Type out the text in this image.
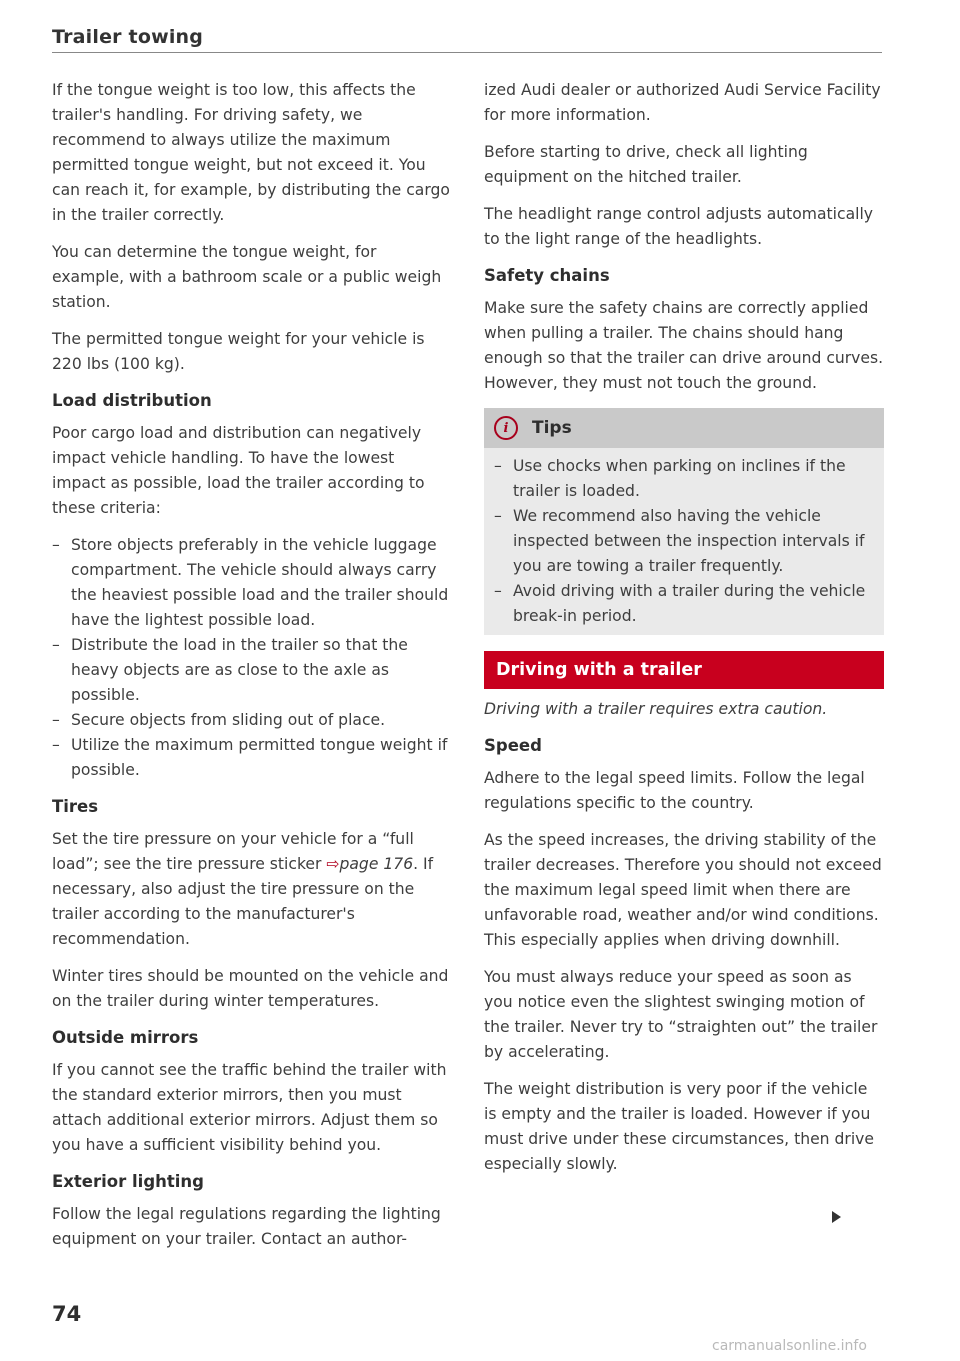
Trailer towing

If the tongue weight is too low, this affects the trailer's handling. For driving safety, we recommend to always utilize the maximum permitted tongue weight, but not exceed it. You can reach it, for example, by distributing the cargo in the trailer correctly.

You can determine the tongue weight, for example, with a bathroom scale or a public weigh station.

The permitted tongue weight for your vehicle is 220 lbs (100 kg).

Load distribution

Poor cargo load and distribution can negatively impact vehicle handling. To have the lowest impact as possible, load the trailer according to these criteria:

– Store objects preferably in the vehicle luggage compartment. The vehicle should always carry the heaviest possible load and the trailer should have the lightest possible load.
– Distribute the load in the trailer so that the heavy objects are as close to the axle as possible.
– Secure objects from sliding out of place.
– Utilize the maximum permitted tongue weight if possible.
Tires

Set the tire pressure on your vehicle for a “full load”; see the tire pressure sticker ⇨page 176. If necessary, also adjust the tire pressure on the trailer according to the manufacturer's recommendation.

Winter tires should be mounted on the vehicle and on the trailer during winter temperatures.

Outside mirrors

If you cannot see the traffic behind the trailer with the standard exterior mirrors, then you must attach additional exterior mirrors. Adjust them so you have a sufficient visibility behind you.

Exterior lighting

Follow the legal regulations regarding the lighting equipment on your trailer. Contact an author-

ized Audi dealer or authorized Audi Service Facility for more information.

Before starting to drive, check all lighting equipment on the hitched trailer.

The headlight range control adjusts automatically to the light range of the headlights.

Safety chains

Make sure the safety chains are correctly applied when pulling a trailer. The chains should hang enough so that the trailer can drive around curves. However, they must not touch the ground.

i	Tips
– Use chocks when parking on inclines if the trailer is loaded.
– We recommend also having the vehicle inspected between the inspection intervals if you are towing a trailer frequently.
– Avoid driving with a trailer during the vehicle break-in period.
Driving with a trailer

Driving with a trailer requires extra caution.

Speed

Adhere to the legal speed limits. Follow the legal regulations specific to the country.

As the speed increases, the driving stability of the trailer decreases. Therefore you should not exceed the maximum legal speed limit when there are unfavorable road, weather and/or wind conditions. This especially applies when driving downhill.

You must always reduce your speed as soon as you notice even the slightest swinging motion of the trailer. Never try to “straighten out” the trailer by accelerating.

The weight distribution is very poor if the vehicle is empty and the trailer is loaded. However if you must drive under these circumstances, then drive especially slowly.

74
carmanualsonline.info
